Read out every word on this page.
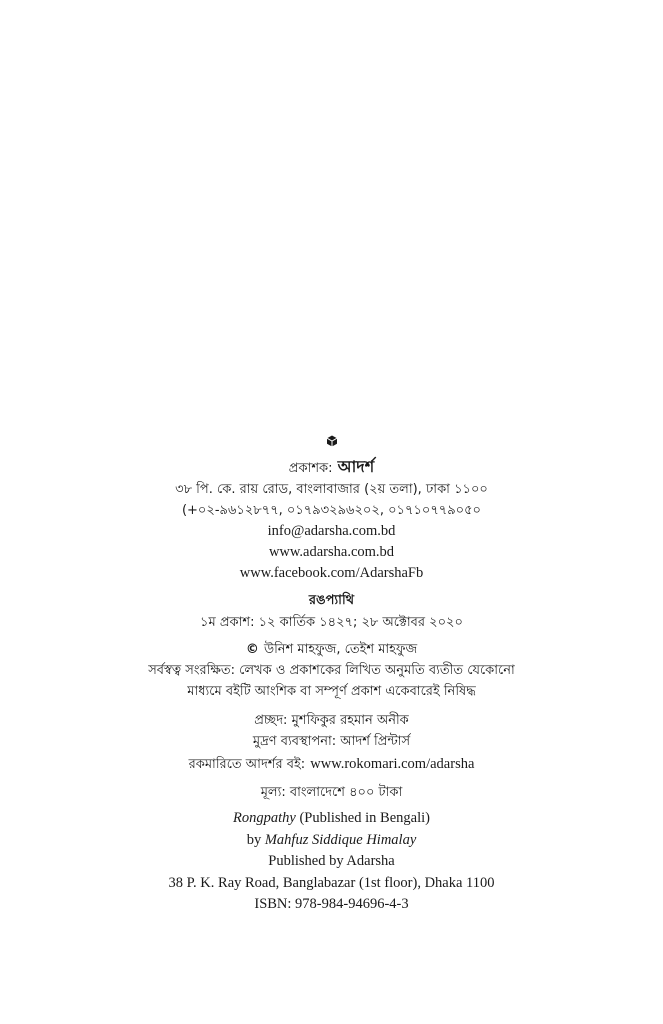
প্রকাশক: আদর্শ
৩৮ পি. কে. রায় রোড, বাংলাবাজার (২য় তলা), ঢাকা ১১০০
(+০২-৯৬১২৮৭৭, ০১৭৯৩২৯৬২০২, ০১৭১০৭৭৯০৫০
info@adarsha.com.bd
www.adarsha.com.bd
www.facebook.com/AdarshaFb
রঙপ্যাথি
১ম প্রকাশ: ১২ কার্তিক ১৪২৭; ২৮ অক্টোবর ২০২০
© উনিশ মাহফুজ, তেইশ মাহফুজ
সর্বস্বত্ব সংরক্ষিত: লেখক ও প্রকাশকের লিখিত অনুমতি ব্যতীত যেকোনো
মাধ্যমে বইটি আংশিক বা সম্পূর্ণ প্রকাশ একেবারেই নিষিদ্ধ
প্রচ্ছদ: মুশফিকুর রহমান অনীক
মুদ্রণ ব্যবস্থাপনা: আদর্শ প্রিন্টার্স
রকমারিতে আদর্শর বই: www.rokomari.com/adarsha
মূল্য: বাংলাদেশে ৪০০ টাকা
Rongpathy (Published in Bengali)
by Mahfuz Siddique Himalay
Published by Adarsha
38 P. K. Ray Road, Banglabazar (1st floor), Dhaka 1100
ISBN: 978-984-94696-4-3
